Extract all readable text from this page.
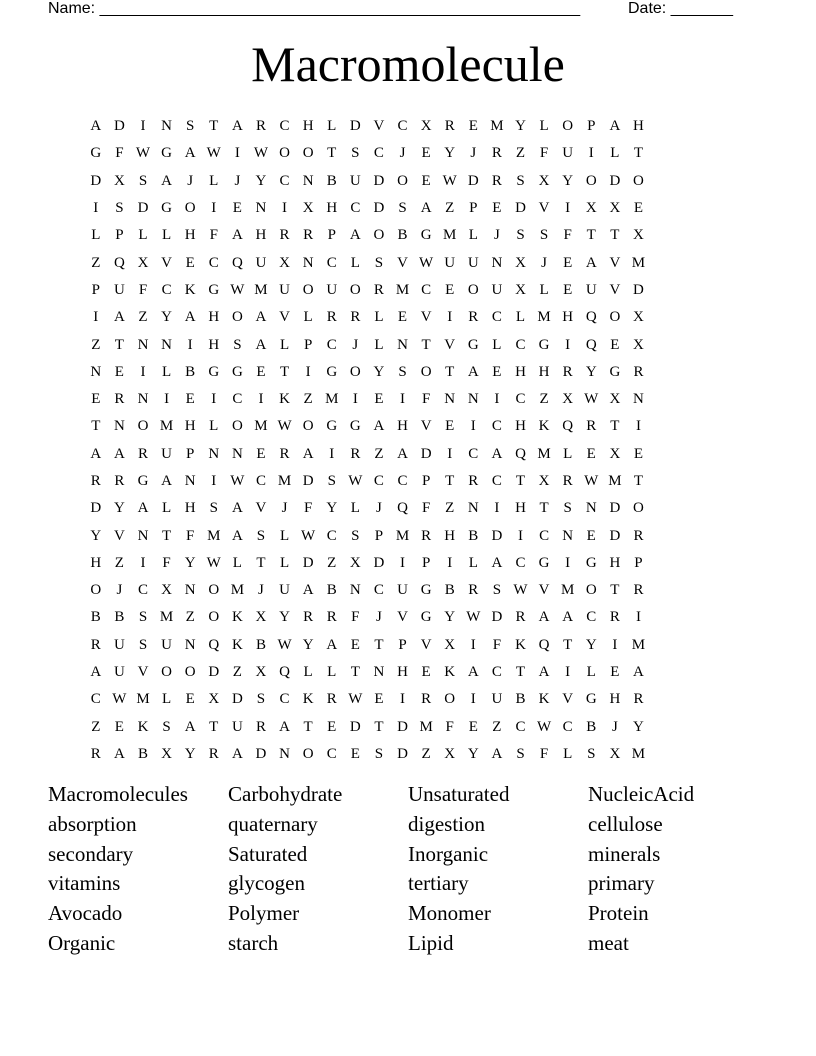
Name: ______________________________________________________	Date: _______
Macromolecule
A D	I	N S T A R C H L D V C X R E M Y L O P A H
G F W G A W I W O O T S C	J	E Y	J	R Z F U	I	L T
D X S A	J	L	J	Y C N B U D O E W D R S X Y O D O
I	S D G O	I	E N	I	X H C D S A Z P E D V	I	X X E
L P L L H F A H R R P A O B G M L	J	S	S	F T T X
Z Q X V E C Q U X N C L S V W U U N X	J	E A V M
P U F C K G W M U O U O R M C E O U X L E U V D
I	A Z Y A H O A V L R R L E V	I	R C L M H Q O X
Z T N N	I	H S A L P C	J	L N T V G L C G	I	Q E X
N E	I	L B G G E T	I	G O Y S O T A E H H R Y G R
E R N	I	E	I	C	I	K Z M I	E	I	F N N	I	C Z X W X N
T N O M H L O M W O G G A H V E	I	C H K Q R T	I
A A R U P N N E R A	I	R Z A D	I	C A Q M L E X E
R R G A N	I W C M D S W C C P T R C T X R W M T
D Y A L H S A V	J	F Y L	J	Q F Z N	I	H T S N D O
Y V N T F M A S L W C S	P M R H B D	I	C N E D R
H Z	I	F Y W L T L D Z X D	I	P	I	L A C G	I	G H P
O	J	C X N O M J	U A B N C U G B R S W V M O T R
B B S M Z O K X Y R R F	J	V G Y W D R A A C R	I
R U S U N Q K B W Y A E T P V X	I	F K Q T Y	I M
A U V O O D Z X Q L L T N H E K A C T A	I	L E A
C W M L E X D S C K R W E	I	R O	I	U B K V G H R
Z E K S A T U R A T E D T D M F E Z C W C B	J	Y
R A B X Y R A D N O C E S D Z X Y A S	F L S X M
Macromolecules	Carbohydrate	Unsaturated	NucleicAcid
absorption	quaternary	digestion	cellulose
secondary	Saturated	Inorganic	minerals
vitamins	glycogen	tertiary	primary
Avocado	Polymer	Monomer	Protein
Organic	starch	Lipid	meat
